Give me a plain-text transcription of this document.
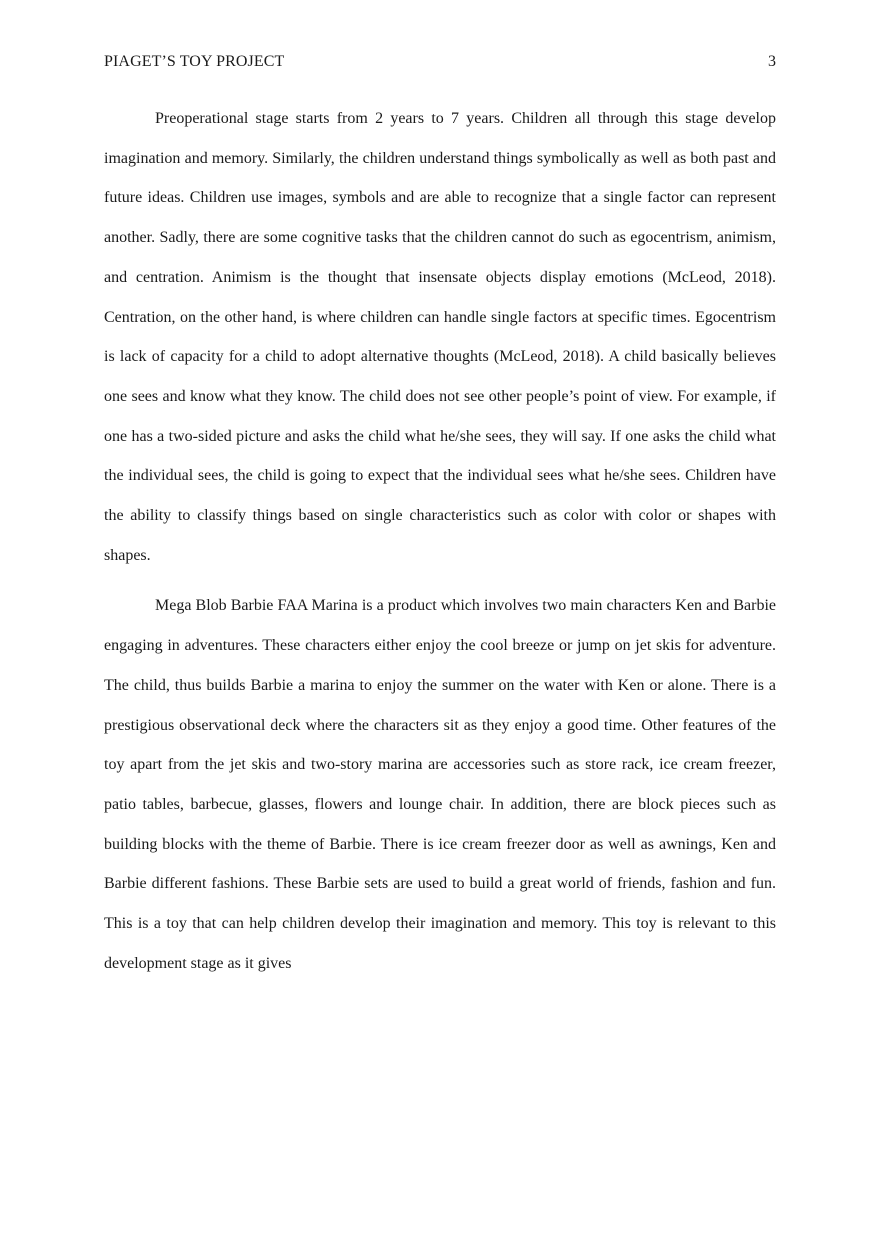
PIAGET’S TOY PROJECT	3

Preoperational stage starts from 2 years to 7 years. Children all through this stage develop imagination and memory. Similarly, the children understand things symbolically as well as both past and future ideas. Children use images, symbols and are able to recognize that a single factor can represent another. Sadly, there are some cognitive tasks that the children cannot do such as egocentrism, animism, and centration. Animism is the thought that insensate objects display emotions (McLeod, 2018). Centration, on the other hand, is where children can handle single factors at specific times. Egocentrism is lack of capacity for a child to adopt alternative thoughts (McLeod, 2018). A child basically believes one sees and know what they know. The child does not see other people’s point of view. For example, if one has a two-sided picture and asks the child what he/she sees, they will say. If one asks the child what the individual sees, the child is going to expect that the individual sees what he/she sees. Children have the ability to classify things based on single characteristics such as color with color or shapes with shapes.

Mega Blob Barbie FAA Marina is a product which involves two main characters Ken and Barbie engaging in adventures. These characters either enjoy the cool breeze or jump on jet skis for adventure. The child, thus builds Barbie a marina to enjoy the summer on the water with Ken or alone. There is a prestigious observational deck where the characters sit as they enjoy a good time. Other features of the toy apart from the jet skis and two-story marina are accessories such as store rack, ice cream freezer, patio tables, barbecue, glasses, flowers and lounge chair. In addition, there are block pieces such as building blocks with the theme of Barbie. There is ice cream freezer door as well as awnings, Ken and Barbie different fashions. These Barbie sets are used to build a great world of friends, fashion and fun. This is a toy that can help children develop their imagination and memory. This toy is relevant to this development stage as it gives
